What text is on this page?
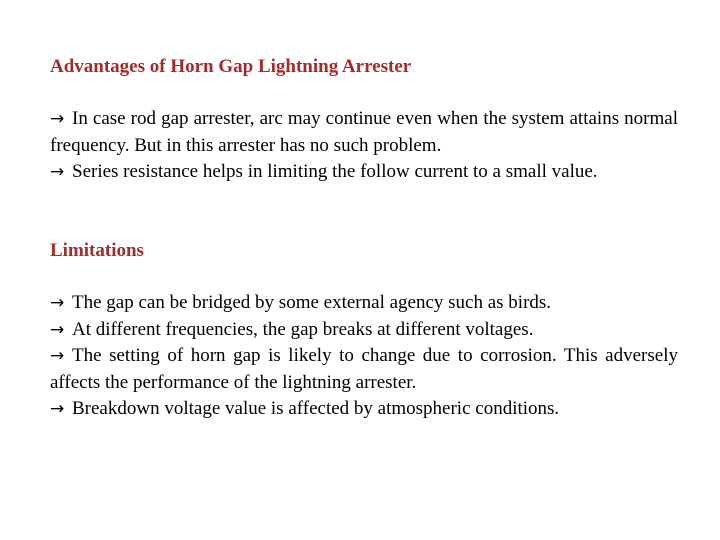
Advantages of Horn Gap Lightning Arrester

→ In case rod gap arrester, arc may continue even when the system attains normal frequency. But in this arrester has no such problem.

→ Series resistance helps in limiting the follow current to a small value.

Limitations

→ The gap can be bridged by some external agency such as birds.

→ At different frequencies, the gap breaks at different voltages.

→ The setting of horn gap is likely to change due to corrosion. This adversely affects the performance of the lightning arrester.

→ Breakdown voltage value is affected by atmospheric conditions.
